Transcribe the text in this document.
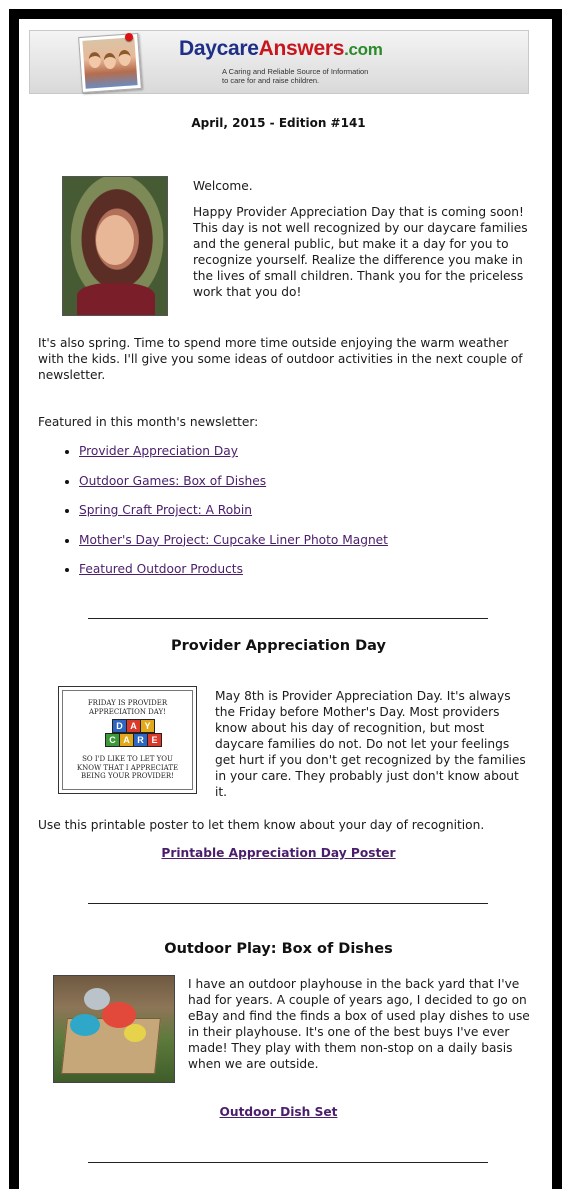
DaycareAnswers.com
A Caring and Reliable Source of Information
to care for and raise children.
April, 2015 - Edition #141

Welcome.

Happy Provider Appreciation Day that is coming soon! This day is not well recognized by our daycare families and the general public, but make it a day for you to recognize yourself. Realize the difference you make in the lives of small children. Thank you for the priceless work that you do!

It's also spring. Time to spend more time outside enjoying the warm weather with the kids. I'll give you some ideas of outdoor activities in the next couple of newsletter.
Featured in this month's newsletter:
• Provider Appreciation Day
• Outdoor Games: Box of Dishes
• Spring Craft Project: A Robin
• Mother's Day Project: Cupcake Liner Photo Magnet
• Featured Outdoor Products
Provider Appreciation Day
FRIDAY IS PROVIDER
APPRECIATION DAY!
D A Y
C A R E
SO I'D LIKE TO LET YOU
KNOW THAT I APPRECIATE
BEING YOUR PROVIDER!
May 8th is Provider Appreciation Day. It's always the Friday before Mother's Day. Most providers know about his day of recognition, but most daycare families do not. Do not let your feelings get hurt if you don't get recognized by the families in your care. They probably just don't know about it.
Use this printable poster to let them know about your day of recognition.
Printable Appreciation Day Poster
Outdoor Play: Box of Dishes
I have an outdoor playhouse in the back yard that I've had for years. A couple of years ago, I decided to go on eBay and find the finds a box of used play dishes to use in their playhouse. It's one of the best buys I've ever made! They play with them non-stop on a daily basis when we are outside.
Outdoor Dish Set
